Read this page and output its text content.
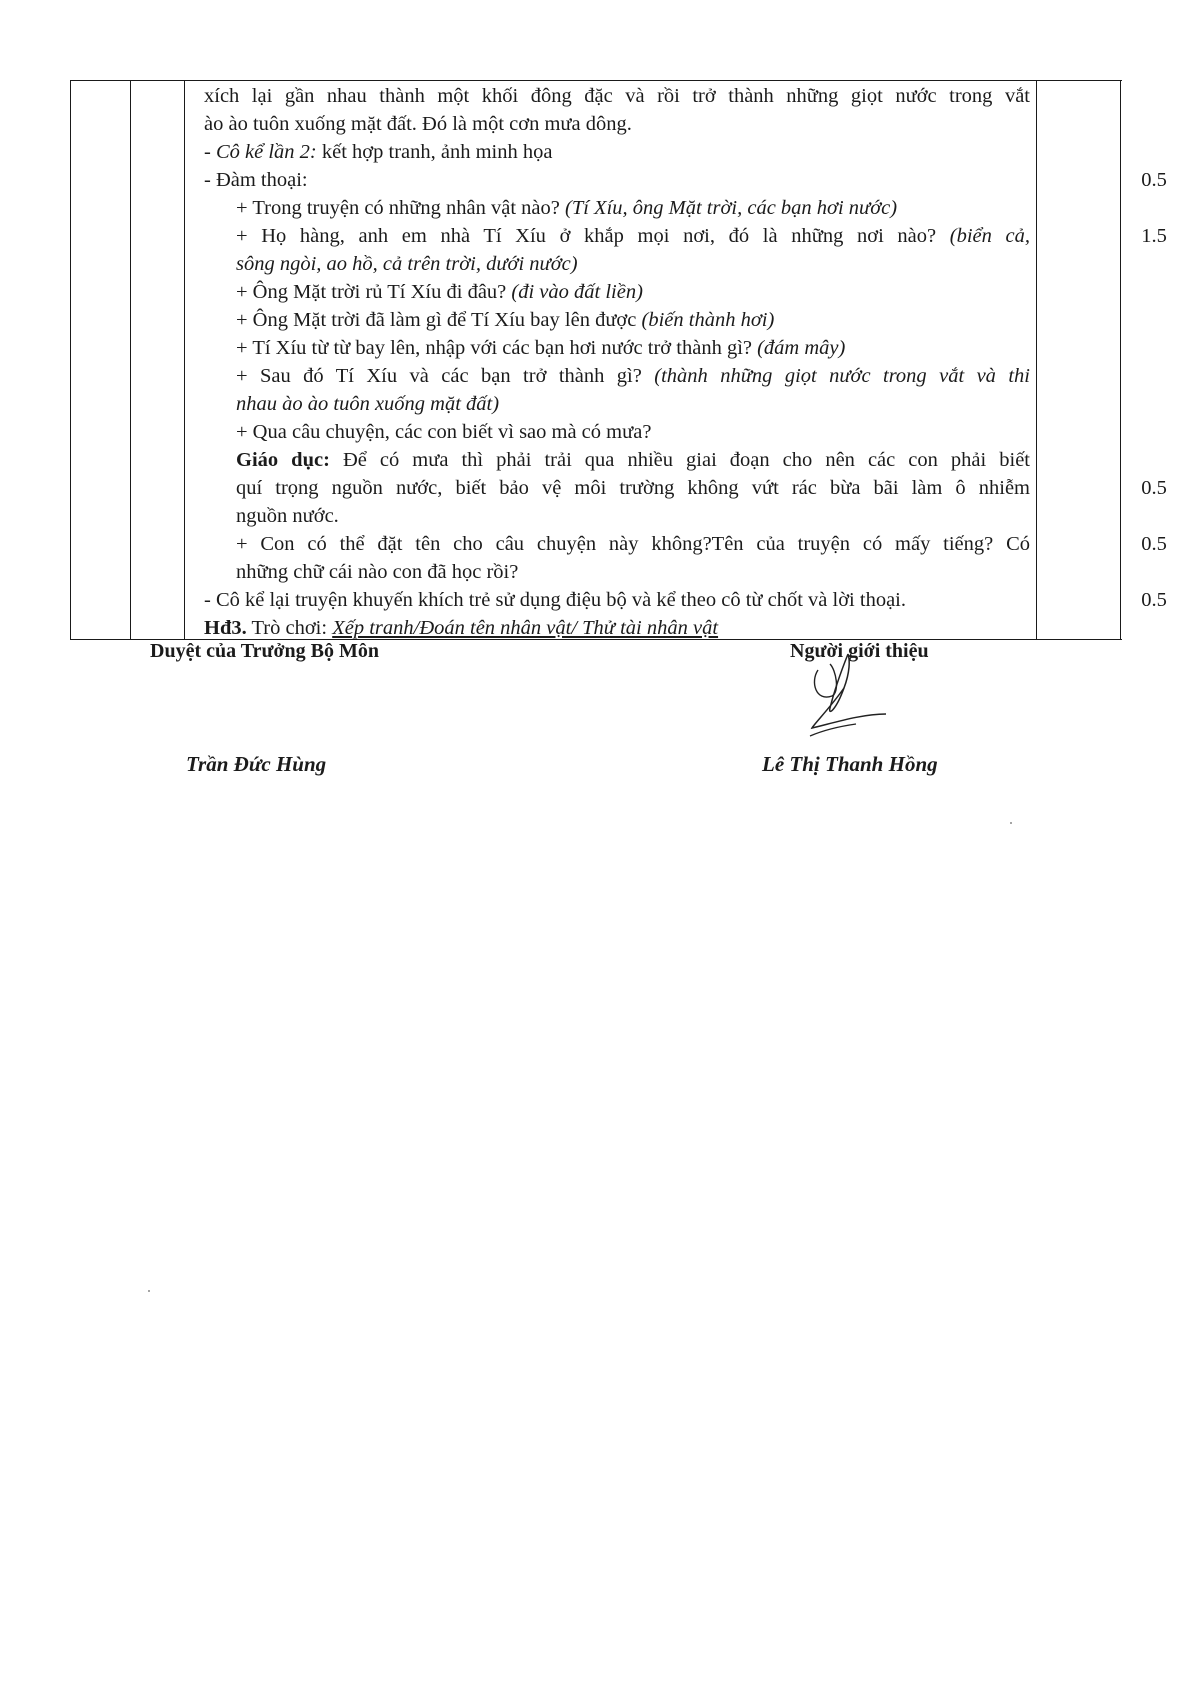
xích lại gần nhau thành một khối đông đặc và rồi trở thành những giọt nước trong vắt
ào ào tuôn xuống mặt đất. Đó là một cơn mưa dông.
- Cô kể lần 2: kết hợp tranh, ảnh minh họa
- Đàm thoại:
+ Trong truyện có những nhân vật nào? (Tí Xíu, ông Mặt trời, các bạn hơi nước)
+ Họ hàng, anh em nhà Tí Xíu ở khắp mọi nơi, đó là những nơi nào? (biển cả,
sông ngòi, ao hồ, cả trên trời, dưới nước)
+ Ông Mặt trời rủ Tí Xíu đi đâu? (đi vào đất liền)
+ Ông Mặt trời đã làm gì để Tí Xíu bay lên được (biến thành hơi)
+ Tí Xíu từ từ bay lên, nhập với các bạn hơi nước trở thành gì? (đám mây)
+ Sau đó Tí Xíu và các bạn trở thành gì? (thành những giọt nước trong vắt và thi
nhau ào ào tuôn xuống mặt đất)
+ Qua câu chuyện, các con biết vì sao mà có mưa?
Giáo dục: Để có mưa thì phải trải qua nhiều giai đoạn cho nên các con phải biết
quí trọng nguồn nước, biết bảo vệ môi trường không vứt rác bừa bãi làm ô nhiễm
nguồn nước.
+ Con có thể đặt tên cho câu chuyện này không?Tên của truyện có mấy tiếng? Có
những chữ cái nào con đã học rồi?
- Cô kể lại truyện khuyến khích trẻ sử dụng điệu bộ và kể theo cô từ chốt và lời thoại.
Hđ3. Trò chơi: Xếp tranh/Đoán tên nhân vật/ Thử tài nhân vật
0.5
1.5
0.5
0.5
0.5
Duyệt của Trưởng Bộ Môn	Người giới thiệu
Trần Đức Hùng	Lê Thị Thanh Hồng
